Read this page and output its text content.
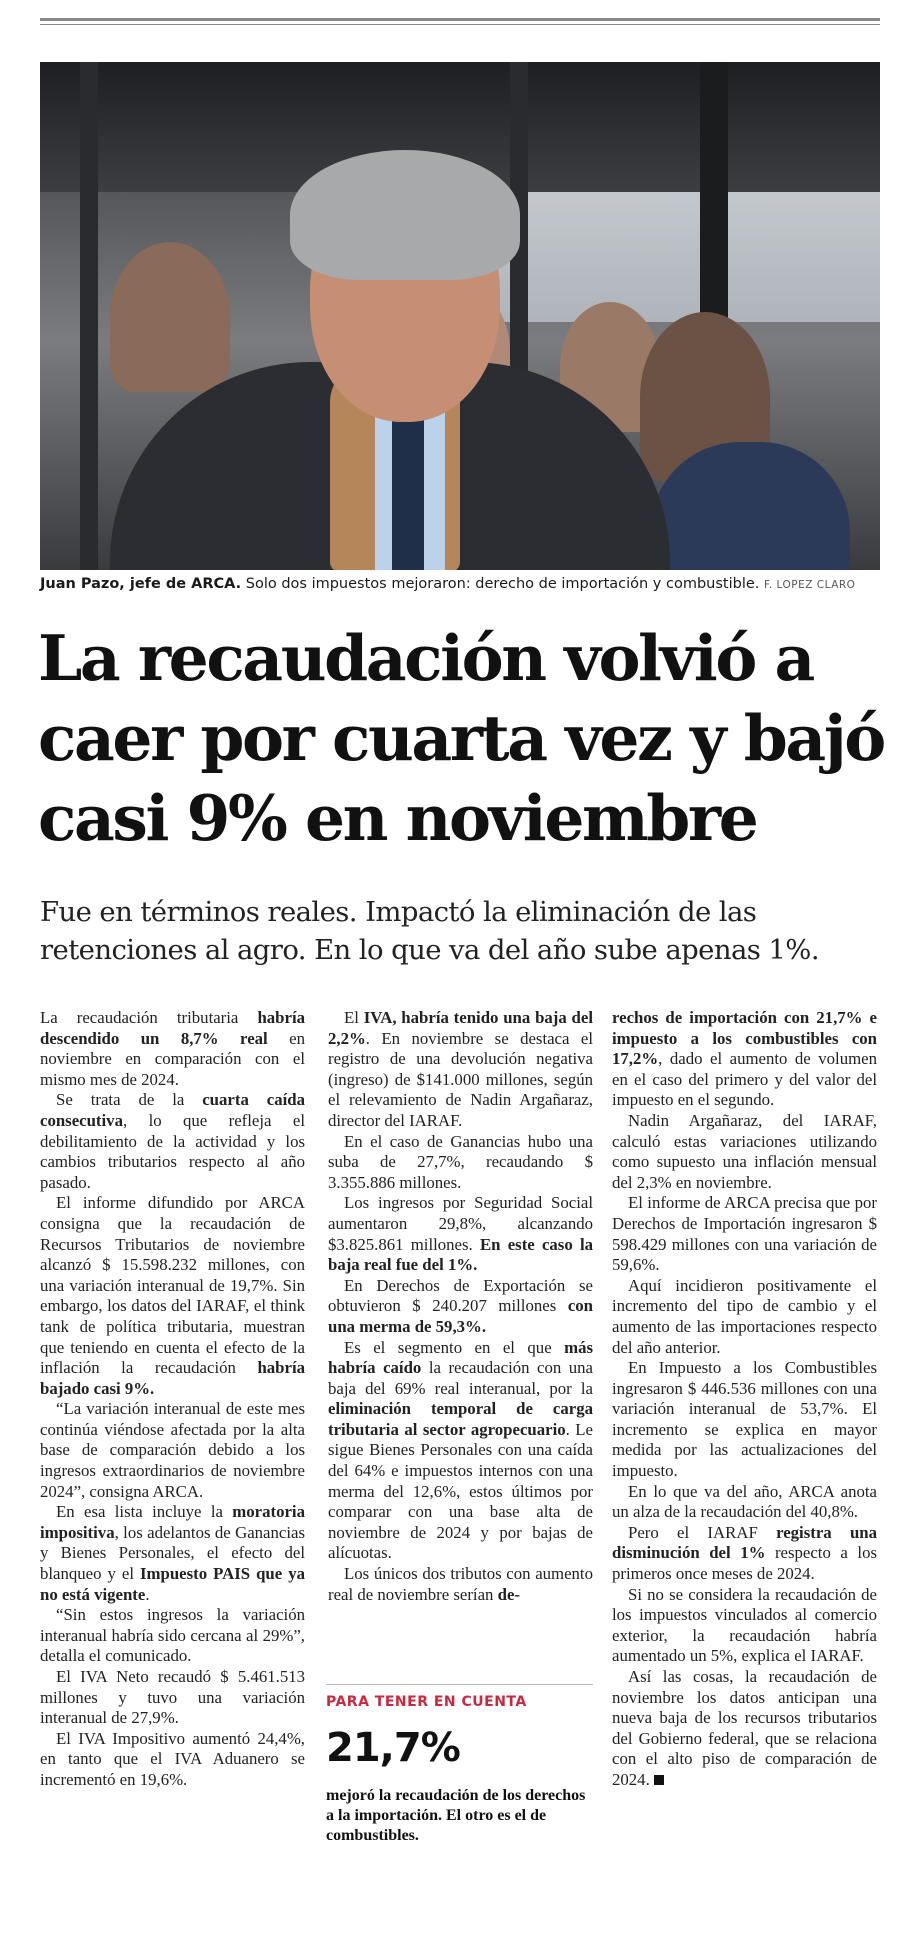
Juan Pazo, jefe de ARCA. Solo dos impuestos mejoraron: derecho de importación y combustible. F. LOPEZ CLARO
La recaudación volvió a caer por cuarta vez y bajó casi 9% en noviembre

Fue en términos reales. Impactó la eliminación de las retenciones al agro. En lo que va del año sube apenas 1%.

La recaudación tributaria habría descendido un 8,7% real en noviembre en comparación con el mismo mes de 2024.

Se trata de la cuarta caída consecutiva, lo que refleja el debilitamiento de la actividad y los cambios tributarios respecto al año pasado.

El informe difundido por ARCA consigna que la recaudación de Recursos Tributarios de noviembre alcanzó $ 15.598.232 millones, con una variación interanual de 19,7%. Sin embargo, los datos del IARAF, el think tank de política tributaria, muestran que teniendo en cuenta el efecto de la inflación la recaudación habría bajado casi 9%.

“La variación interanual de este mes continúa viéndose afectada por la alta base de comparación debido a los ingresos extraordinarios de noviembre 2024”, consigna ARCA.

En esa lista incluye la moratoria impositiva, los adelantos de Ganancias y Bienes Personales, el efecto del blanqueo y el Impuesto PAIS que ya no está vigente.

“Sin estos ingresos la variación interanual habría sido cercana al 29%”, detalla el comunicado.

El IVA Neto recaudó $ 5.461.513 millones y tuvo una variación interanual de 27,9%.

El IVA Impositivo aumentó 24,4%, en tanto que el IVA Aduanero se incrementó en 19,6%.

El IVA, habría tenido una baja del 2,2%. En noviembre se destaca el registro de una devolución negativa (ingreso) de $141.000 millones, según el relevamiento de Nadin Argañaraz, director del IARAF.

En el caso de Ganancias hubo una suba de 27,7%, recaudando $ 3.355.886 millones.

Los ingresos por Seguridad Social aumentaron 29,8%, alcanzando $3.825.861 millones. En este caso la baja real fue del 1%.

En Derechos de Exportación se obtuvieron $ 240.207 millones con una merma de 59,3%.

Es el segmento en el que más habría caído la recaudación con una baja del 69% real interanual, por la eliminación temporal de carga tributaria al sector agropecuario. Le sigue Bienes Personales con una caída del 64% e impuestos internos con una merma del 12,6%, estos últimos por comparar con una base alta de noviembre de 2024 y por bajas de alícuotas.

Los únicos dos tributos con aumento real de noviembre serían de-

PARA TENER EN CUENTA
21,7%
mejoró la recaudación de los derechos a la importación. El otro es el de combustibles.

rechos de importación con 21,7% e impuesto a los combustibles con 17,2%, dado el aumento de volumen en el caso del primero y del valor del impuesto en el segundo.

Nadin Argañaraz, del IARAF, calculó estas variaciones utilizando como supuesto una inflación mensual del 2,3% en noviembre.

El informe de ARCA precisa que por Derechos de Importación ingresaron $ 598.429 millones con una variación de 59,6%.

Aquí incidieron positivamente el incremento del tipo de cambio y el aumento de las importaciones respecto del año anterior.

En Impuesto a los Combustibles ingresaron $ 446.536 millones con una variación interanual de 53,7%. El incremento se explica en mayor medida por las actualizaciones del impuesto.

En lo que va del año, ARCA anota un alza de la recaudación del 40,8%.

Pero el IARAF registra una disminución del 1% respecto a los primeros once meses de 2024.

Si no se considera la recaudación de los impuestos vinculados al comercio exterior, la recaudación habría aumentado un 5%, explica el IARAF.

Así las cosas, la recaudación de noviembre los datos anticipan una nueva baja de los recursos tributarios del Gobierno federal, que se relaciona con el alto piso de comparación de 2024.
